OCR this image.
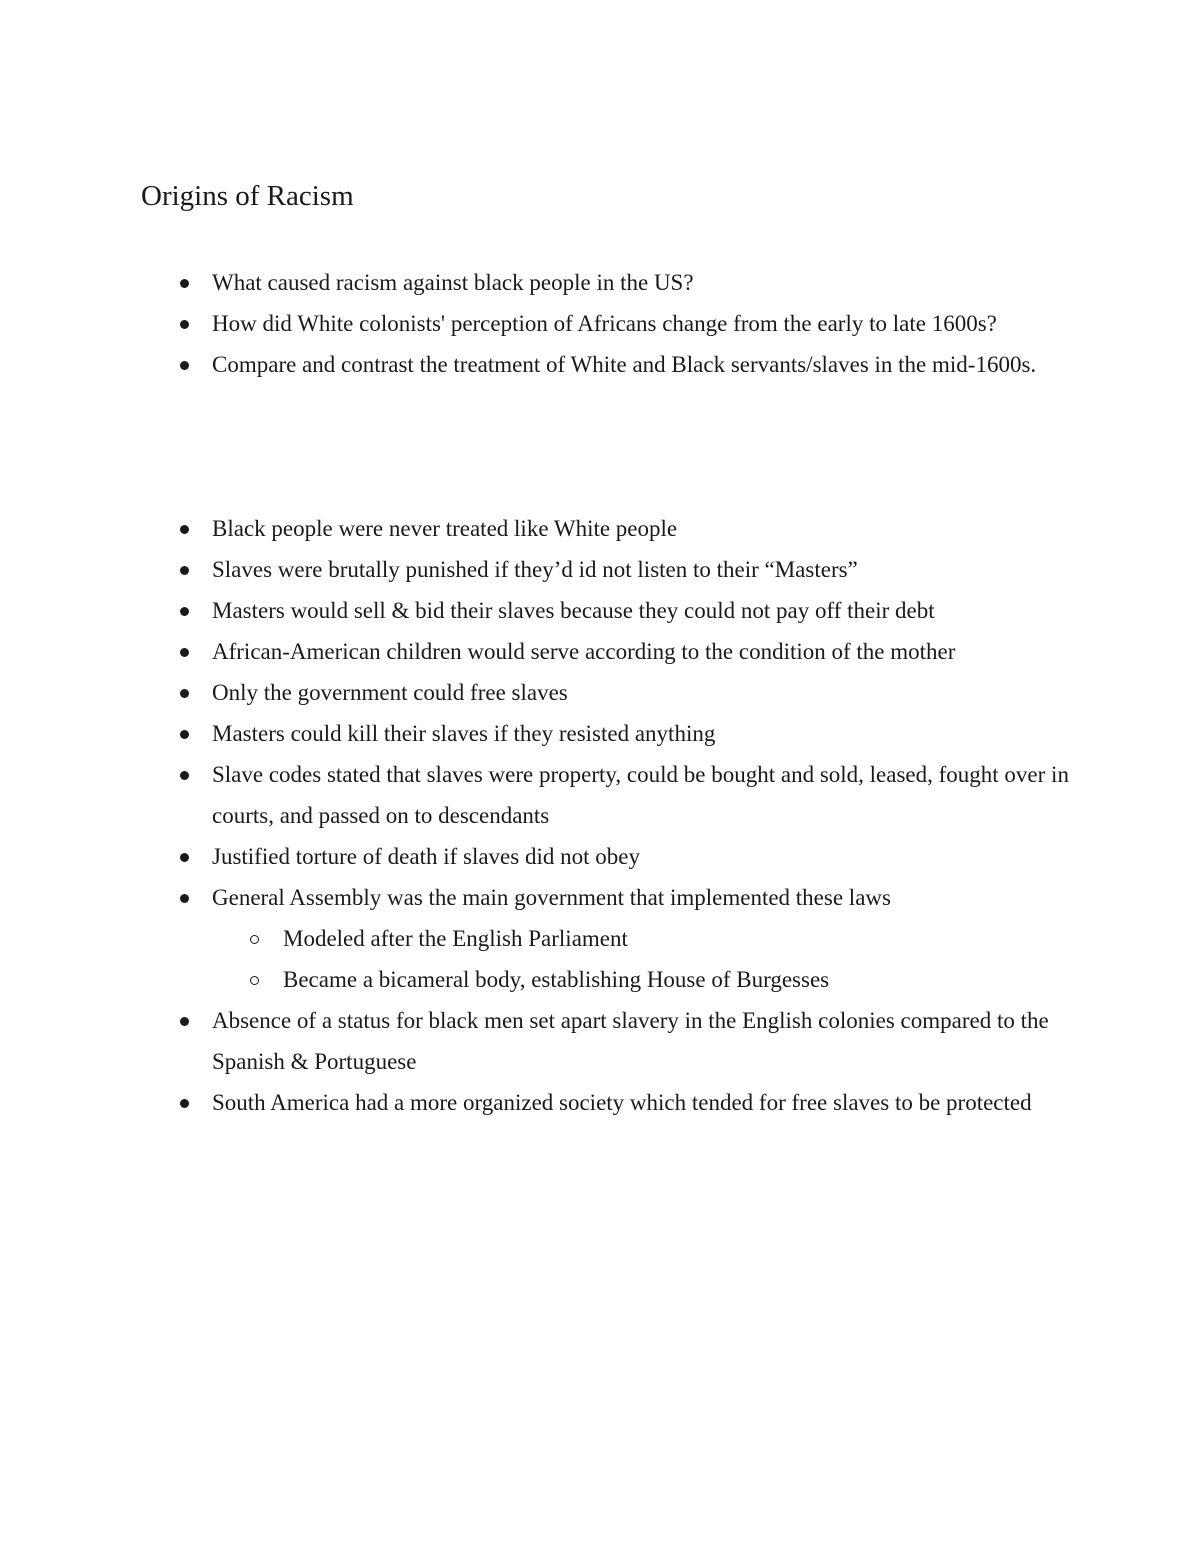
Origins of Racism
What caused racism against black people in the US?
How did White colonists' perception of Africans change from the early to late 1600s?
Compare and contrast the treatment of White and Black servants/slaves in the mid-1600s.
Black people were never treated like White people
Slaves were brutally punished if they’d id not listen to their “Masters”
Masters would sell & bid their slaves because they could not pay off their debt
African-American children would serve according to the condition of the mother
Only the government could free slaves
Masters could kill their slaves if they resisted anything
Slave codes stated that slaves were property, could be bought and sold, leased, fought over in courts, and passed on to descendants
Justified torture of death if slaves did not obey
General Assembly was the main government that implemented these laws
Modeled after the English Parliament
Became a bicameral body, establishing House of Burgesses
Absence of a status for black men set apart slavery in the English colonies compared to the Spanish & Portuguese
South America had a more organized society which tended for free slaves to be protected
